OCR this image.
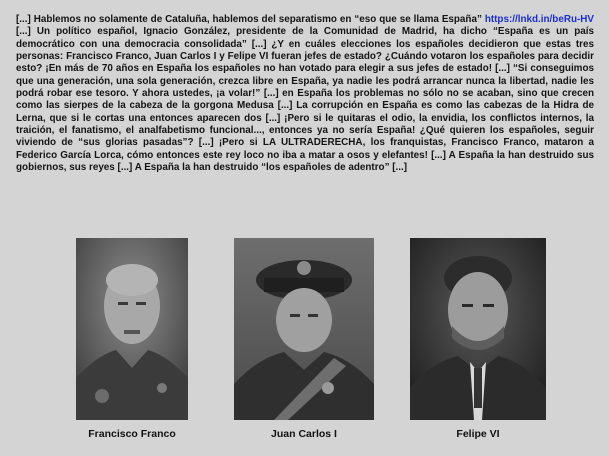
[...] Hablemos no solamente de Cataluña, hablemos del separatismo en “eso que se llama España” https://lnkd.in/beRu-HV [...] Un político español, Ignacio González, presidente de la Comunidad de Madrid, ha dicho “España es un país democrático con una democracia consolidada” [...] ¿Y en cuáles elecciones los españoles decidieron que estas tres personas: Francisco Franco, Juan Carlos I y Felipe VI fueran jefes de estado? ¿Cuándo votaron los españoles para decidir esto? ¡En más de 70 años en España los españoles no han votado para elegir a sus jefes de estado! [...] “Si conseguimos que una generación, una sola generación, crezca libre en España, ya nadie les podrá arrancar nunca la libertad, nadie les podrá robar ese tesoro. Y ahora ustedes, ¡a volar!” [...] en España los problemas no sólo no se acaban, sino que crecen como las sierpes de la cabeza de la gorgona Medusa [...] La corrupción en España es como las cabezas de la Hidra de Lerna, que si le cortas una entonces aparecen dos [...] ¡Pero si le quitaras el odio, la envidia, los conflictos internos, la traición, el fanatismo, el analfabetismo funcional..., entonces ya no sería España! ¿Qué quieren los españoles, seguir viviendo de “sus glorias pasadas”? [...] ¡Pero si LA ULTRADERECHA, los franquistas, Francisco Franco, mataron a Federico García Lorca, cómo entonces este rey loco no iba a matar a osos y elefantes! [...] A España la han destruido sus gobiernos, sus reyes [...] A España la han destruido “los españoles de adentro” [...]

Francisco Franco	Juan Carlos I	Felipe VI
